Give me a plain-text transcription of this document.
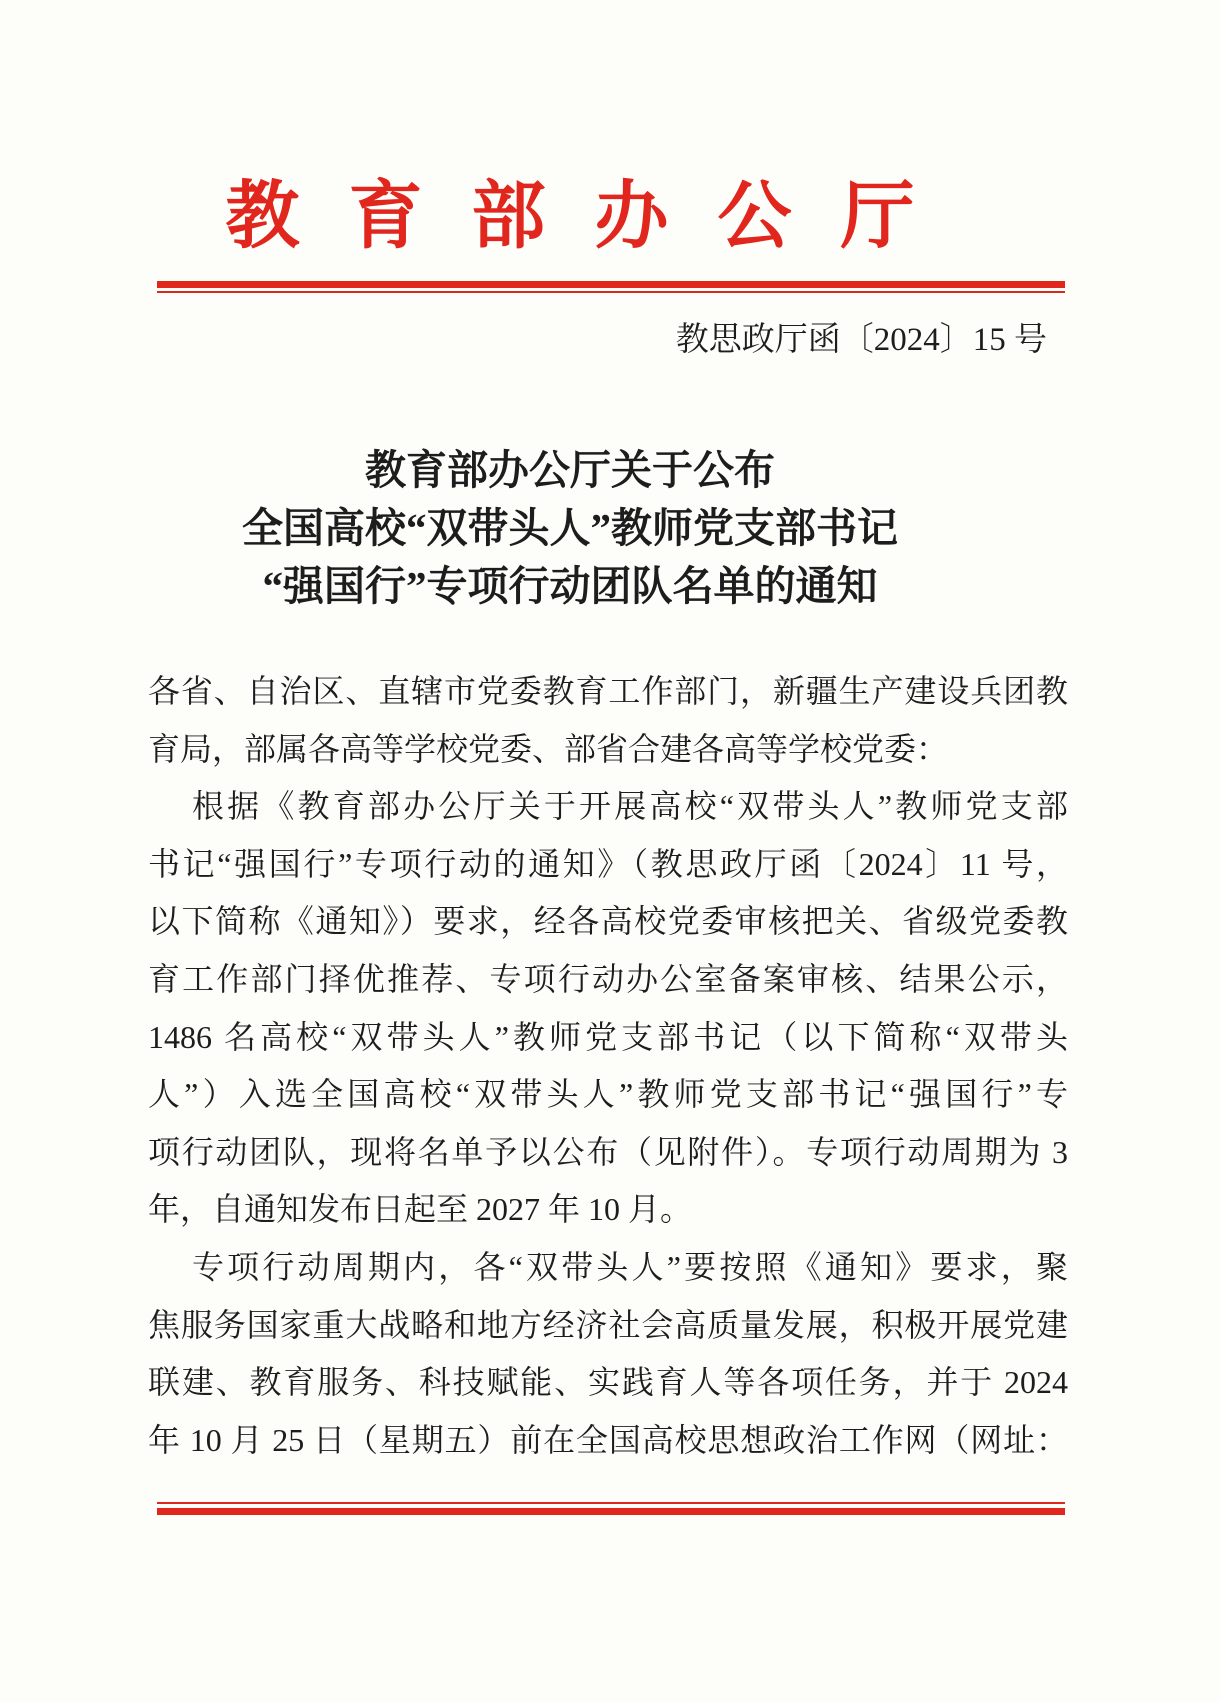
教育部办公厅
教思政厅函〔2024〕15 号
教育部办公厅关于公布
全国高校“双带头人”教师党支部书记
“强国行”专项行动团队名单的通知
各省、自治区、直辖市党委教育工作部门，新疆生产建设兵团教
育局，部属各高等学校党委、部省合建各高等学校党委：
根据《教育部办公厅关于开展高校“双带头人”教师党支部
书记“强国行”专项行动的通知》（教思政厅函〔2024〕11 号，
以下简称《通知》）要求，经各高校党委审核把关、省级党委教
育工作部门择优推荐、专项行动办公室备案审核、结果公示，
1486 名高校“双带头人”教师党支部书记（以下简称“双带头
人”）入选全国高校“双带头人”教师党支部书记“强国行”专
项行动团队，现将名单予以公布（见附件）。专项行动周期为 3
年，自通知发布日起至 2027 年 10 月。
专项行动周期内，各“双带头人”要按照《通知》要求，聚
焦服务国家重大战略和地方经济社会高质量发展，积极开展党建
联建、教育服务、科技赋能、实践育人等各项任务，并于 2024
年 10 月 25 日（星期五）前在全国高校思想政治工作网（网址：
